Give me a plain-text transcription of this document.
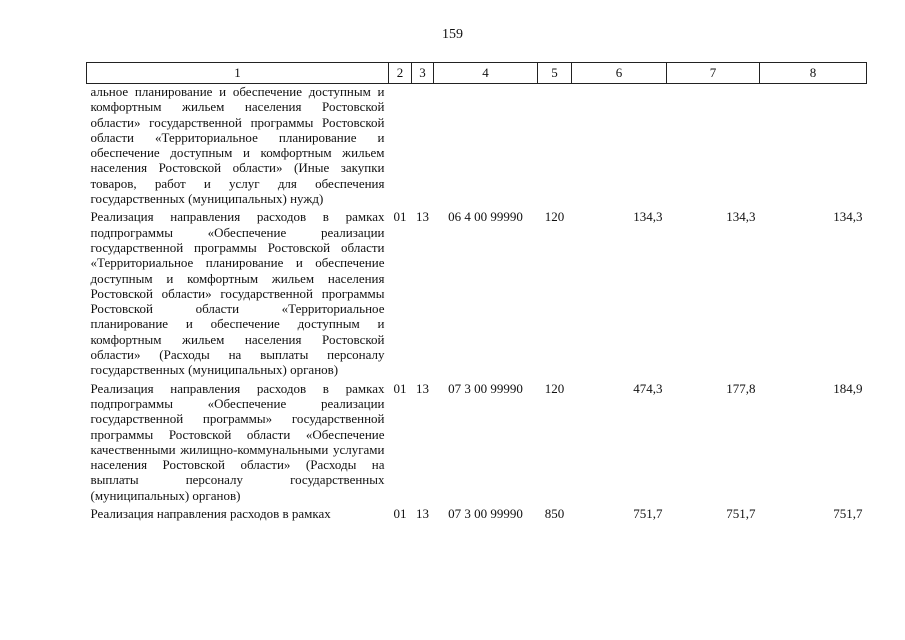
159
1	2	3	4	5	6	7	8
альное планирование и обеспечение доступным и комфортным жильем населения Ростовской области» государственной программы Ростовской области «Территориальное планирование и обеспечение доступным и комфортным жильем населения Ростовской области» (Иные закупки товаров, работ и услуг для обеспечения государственных (муниципальных) нужд)							
Реализация направления расходов в рамках подпрограммы «Обеспечение реализации государственной программы Ростовской области «Территориальное планирование и обеспечение доступным и комфортным жильем населения Ростовской области» государственной программы Ростовской области «Территориальное планирование и обеспечение доступным и комфортным жильем населения Ростовской области» (Расходы на выплаты персоналу государственных (муниципальных) органов)	01	13	06 4 00 99990	120	134,3	134,3	134,3
Реализация направления расходов в рамках подпрограммы «Обеспечение реализации государственной программы» государственной программы Ростовской области «Обеспечение качественными жилищно-коммунальными услугами населения Ростовской области» (Расходы на выплаты персоналу государственных (муниципальных) органов)	01	13	07 3 00 99990	120	474,3	177,8	184,9
Реализация направления расходов в рамках	01	13	07 3 00 99990	850	751,7	751,7	751,7
